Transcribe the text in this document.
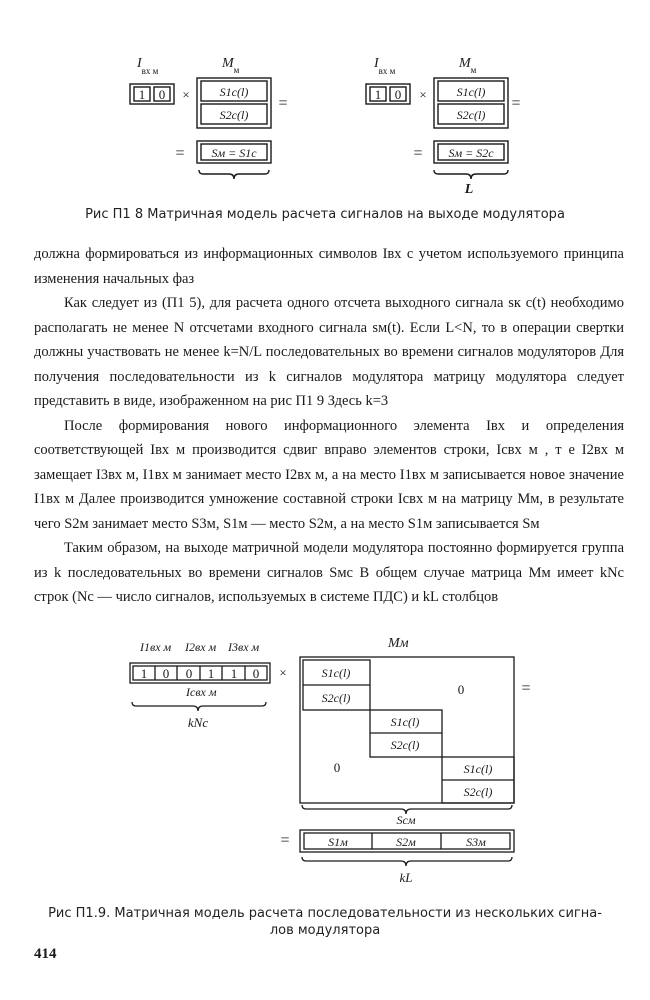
$I_{вх м}$	$M_м$
1 0 ×	S1c(l)
S2c(l)
=
= Sм = S1c
$I_{вх м}$	$M_м$
1 0 ×	S1c(l)
S2c(l)
=
= Sм = S2c
L
Рис П1 8 Матричная модель расчета сигналов на выходе модулятора

должна формироваться из информационных символов Iвх с учетом используемого принципа изменения начальных фаз

Как следует из (П1 5), для расчета одного отсчета выходного сигнала sк с(t) необходимо располагать не менее N отсчетами входного сигнала sм(t). Если L<N, то в операции свертки должны участвовать не менее k=N/L последовательных во времени сигналов модуляторов Для получения последовательности из k сигналов модулятора матрицу модулятора следует представить в виде, изображенном на рис П1 9 Здесь k=3

После формирования нового информационного элемента Iвх и определения соответствующей Iвх м производится сдвиг вправо элементов строки, Icвх м , т е I2вх м замещает I3вх м, I1вх м занимает место I2вх м, а на место I1вх м записывается новое значение I1вх м Далее производится умножение составной строки Icвх м на матрицу Mм, в результате чего S2м занимает место S3м, S1м — место S2м, а на место S1м записывается Sм

Таким образом, на выходе матричной модели модулятора постоянно формируется группа из k последовательных во времени сигналов Sмc В общем случае матрица Mм имеет kNc строк (Nc — число сигналов, используемых в системе ПДС) и kL столбцов

I1вх м I2вх м I3вх м
1 0 0 1 1 0
Icвх м
kNc
×
Mм
S1c(l)
S2c(l)
S1c(l)
S2c(l)
S1c(l)
S2c(l)
0
0
=
Scм
=	S1м	S2м	S3м
kL
Рис П1.9. Матричная модель расчета последовательности из нескольких сигна-
лов модулятора
414
